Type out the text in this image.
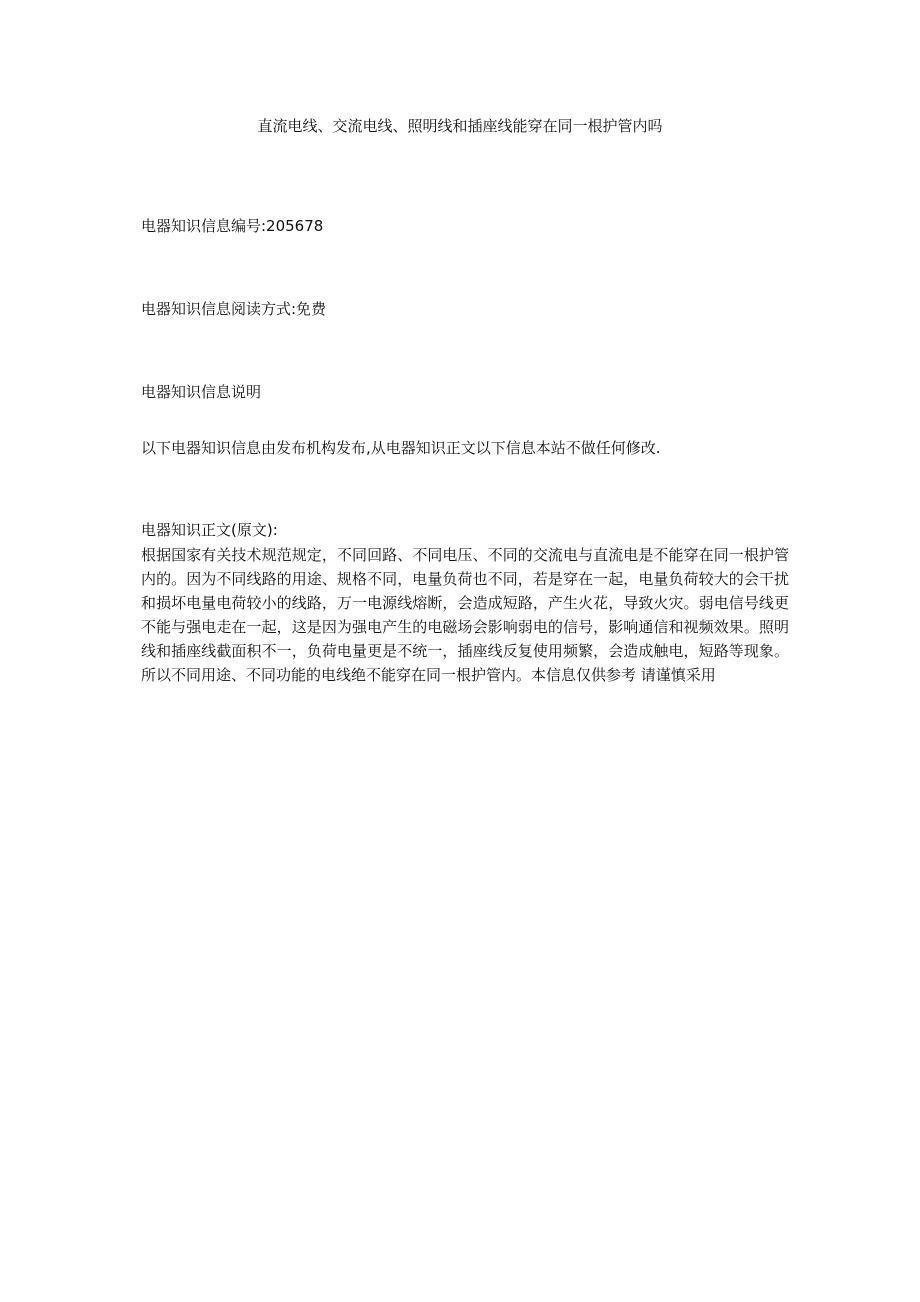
直流电线、交流电线、照明线和插座线能穿在同一根护管内吗
电器知识信息编号:205678
电器知识信息阅读方式:免费
电器知识信息说明
以下电器知识信息由发布机构发布,从电器知识正文以下信息本站不做任何修改.
电器知识正文(原文):
根据国家有关技术规范规定，不同回路、不同电压、不同的交流电与直流电是不能穿在同一根护管内的。因为不同线路的用途、规格不同，电量负荷也不同，若是穿在一起，电量负荷较大的会干扰和损坏电量电荷较小的线路，万一电源线熔断，会造成短路，产生火花，导致火灾。弱电信号线更不能与强电走在一起，这是因为强电产生的电磁场会影响弱电的信号，影响通信和视频效果。照明线和插座线截面积不一，负荷电量更是不统一，插座线反复使用频繁，会造成触电，短路等现象。所以不同用途、不同功能的电线绝不能穿在同一根护管内。本信息仅供参考 请谨慎采用
